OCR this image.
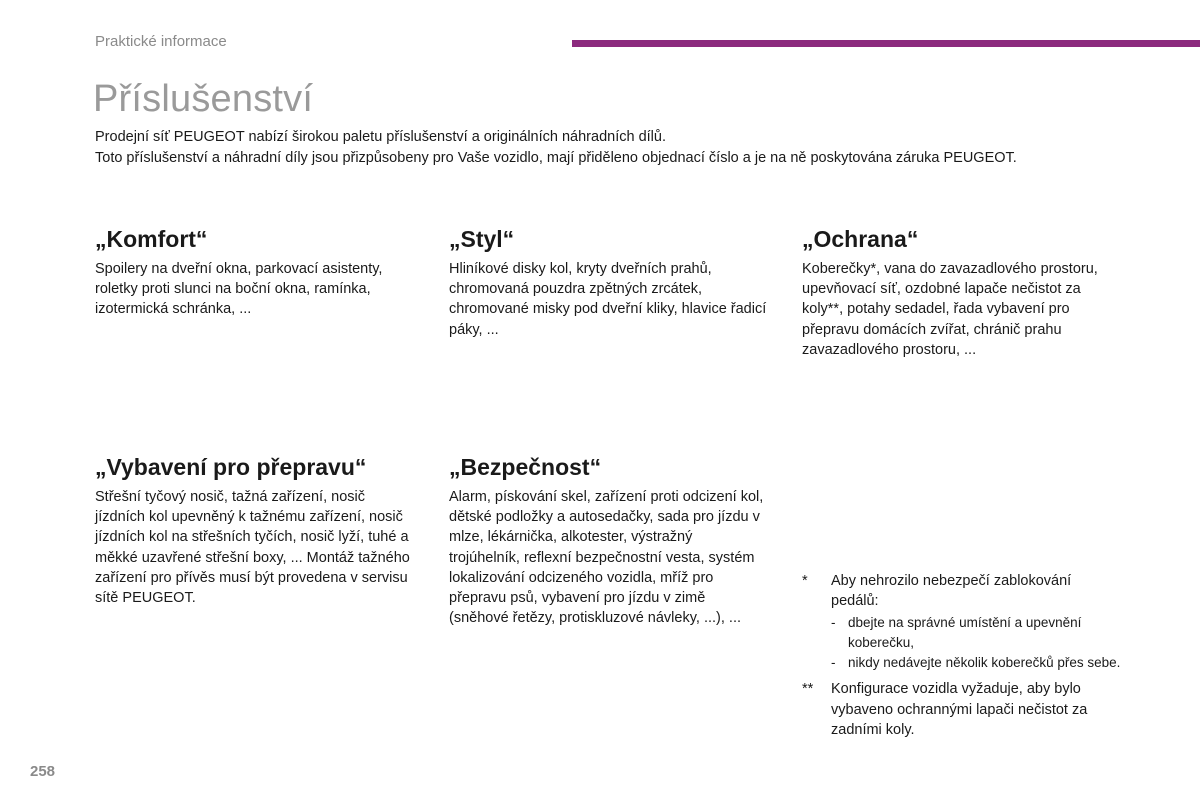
Praktické informace
Příslušenství

Prodejní síť PEUGEOT nabízí širokou paletu příslušenství a originálních náhradních dílů.

Toto příslušenství a náhradní díly jsou přizpůsobeny pro Vaše vozidlo, mají přiděleno objednací číslo a je na ně poskytována záruka PEUGEOT.

„Komfort“

Spoilery na dveřní okna, parkovací asistenty, roletky proti slunci na boční okna, ramínka, izotermická schránka, ...

„Styl“

Hliníkové disky kol, kryty dveřních prahů, chromovaná pouzdra zpětných zrcátek, chromované misky pod dveřní kliky, hlavice řadicí páky, ...

„Ochrana“

Koberečky*, vana do zavazadlového prostoru, upevňovací síť, ozdobné lapače nečistot za koly**, potahy sedadel, řada vybavení pro přepravu domácích zvířat, chránič prahu zavazadlového prostoru, ...

„Vybavení pro přepravu“

Střešní tyčový nosič, tažná zařízení, nosič jízdních kol upevněný k tažnému zařízení, nosič jízdních kol na střešních tyčích, nosič lyží, tuhé a měkké uzavřené střešní boxy, ... Montáž tažného zařízení pro přívěs musí být provedena v servisu sítě PEUGEOT.

„Bezpečnost“

Alarm, pískování skel, zařízení proti odcizení kol, dětské podložky a autosedačky, sada pro jízdu v mlze, lékárnička, alkotester, výstražný trojúhelník, reflexní bezpečnostní vesta, systém lokalizování odcizeného vozidla, mříž pro přepravu psů, vybavení pro jízdu v zimě (sněhové řetězy, protiskluzové návleky, ...), ...

*	Aby nehrozilo nebezpečí zablokování pedálů:
- dbejte na správné umístění a upevnění koberečku,
- nikdy nedávejte několik koberečků přes sebe.
**	Konfigurace vozidla vyžaduje, aby bylo vybaveno ochrannými lapači nečistot za zadními koly.
258
